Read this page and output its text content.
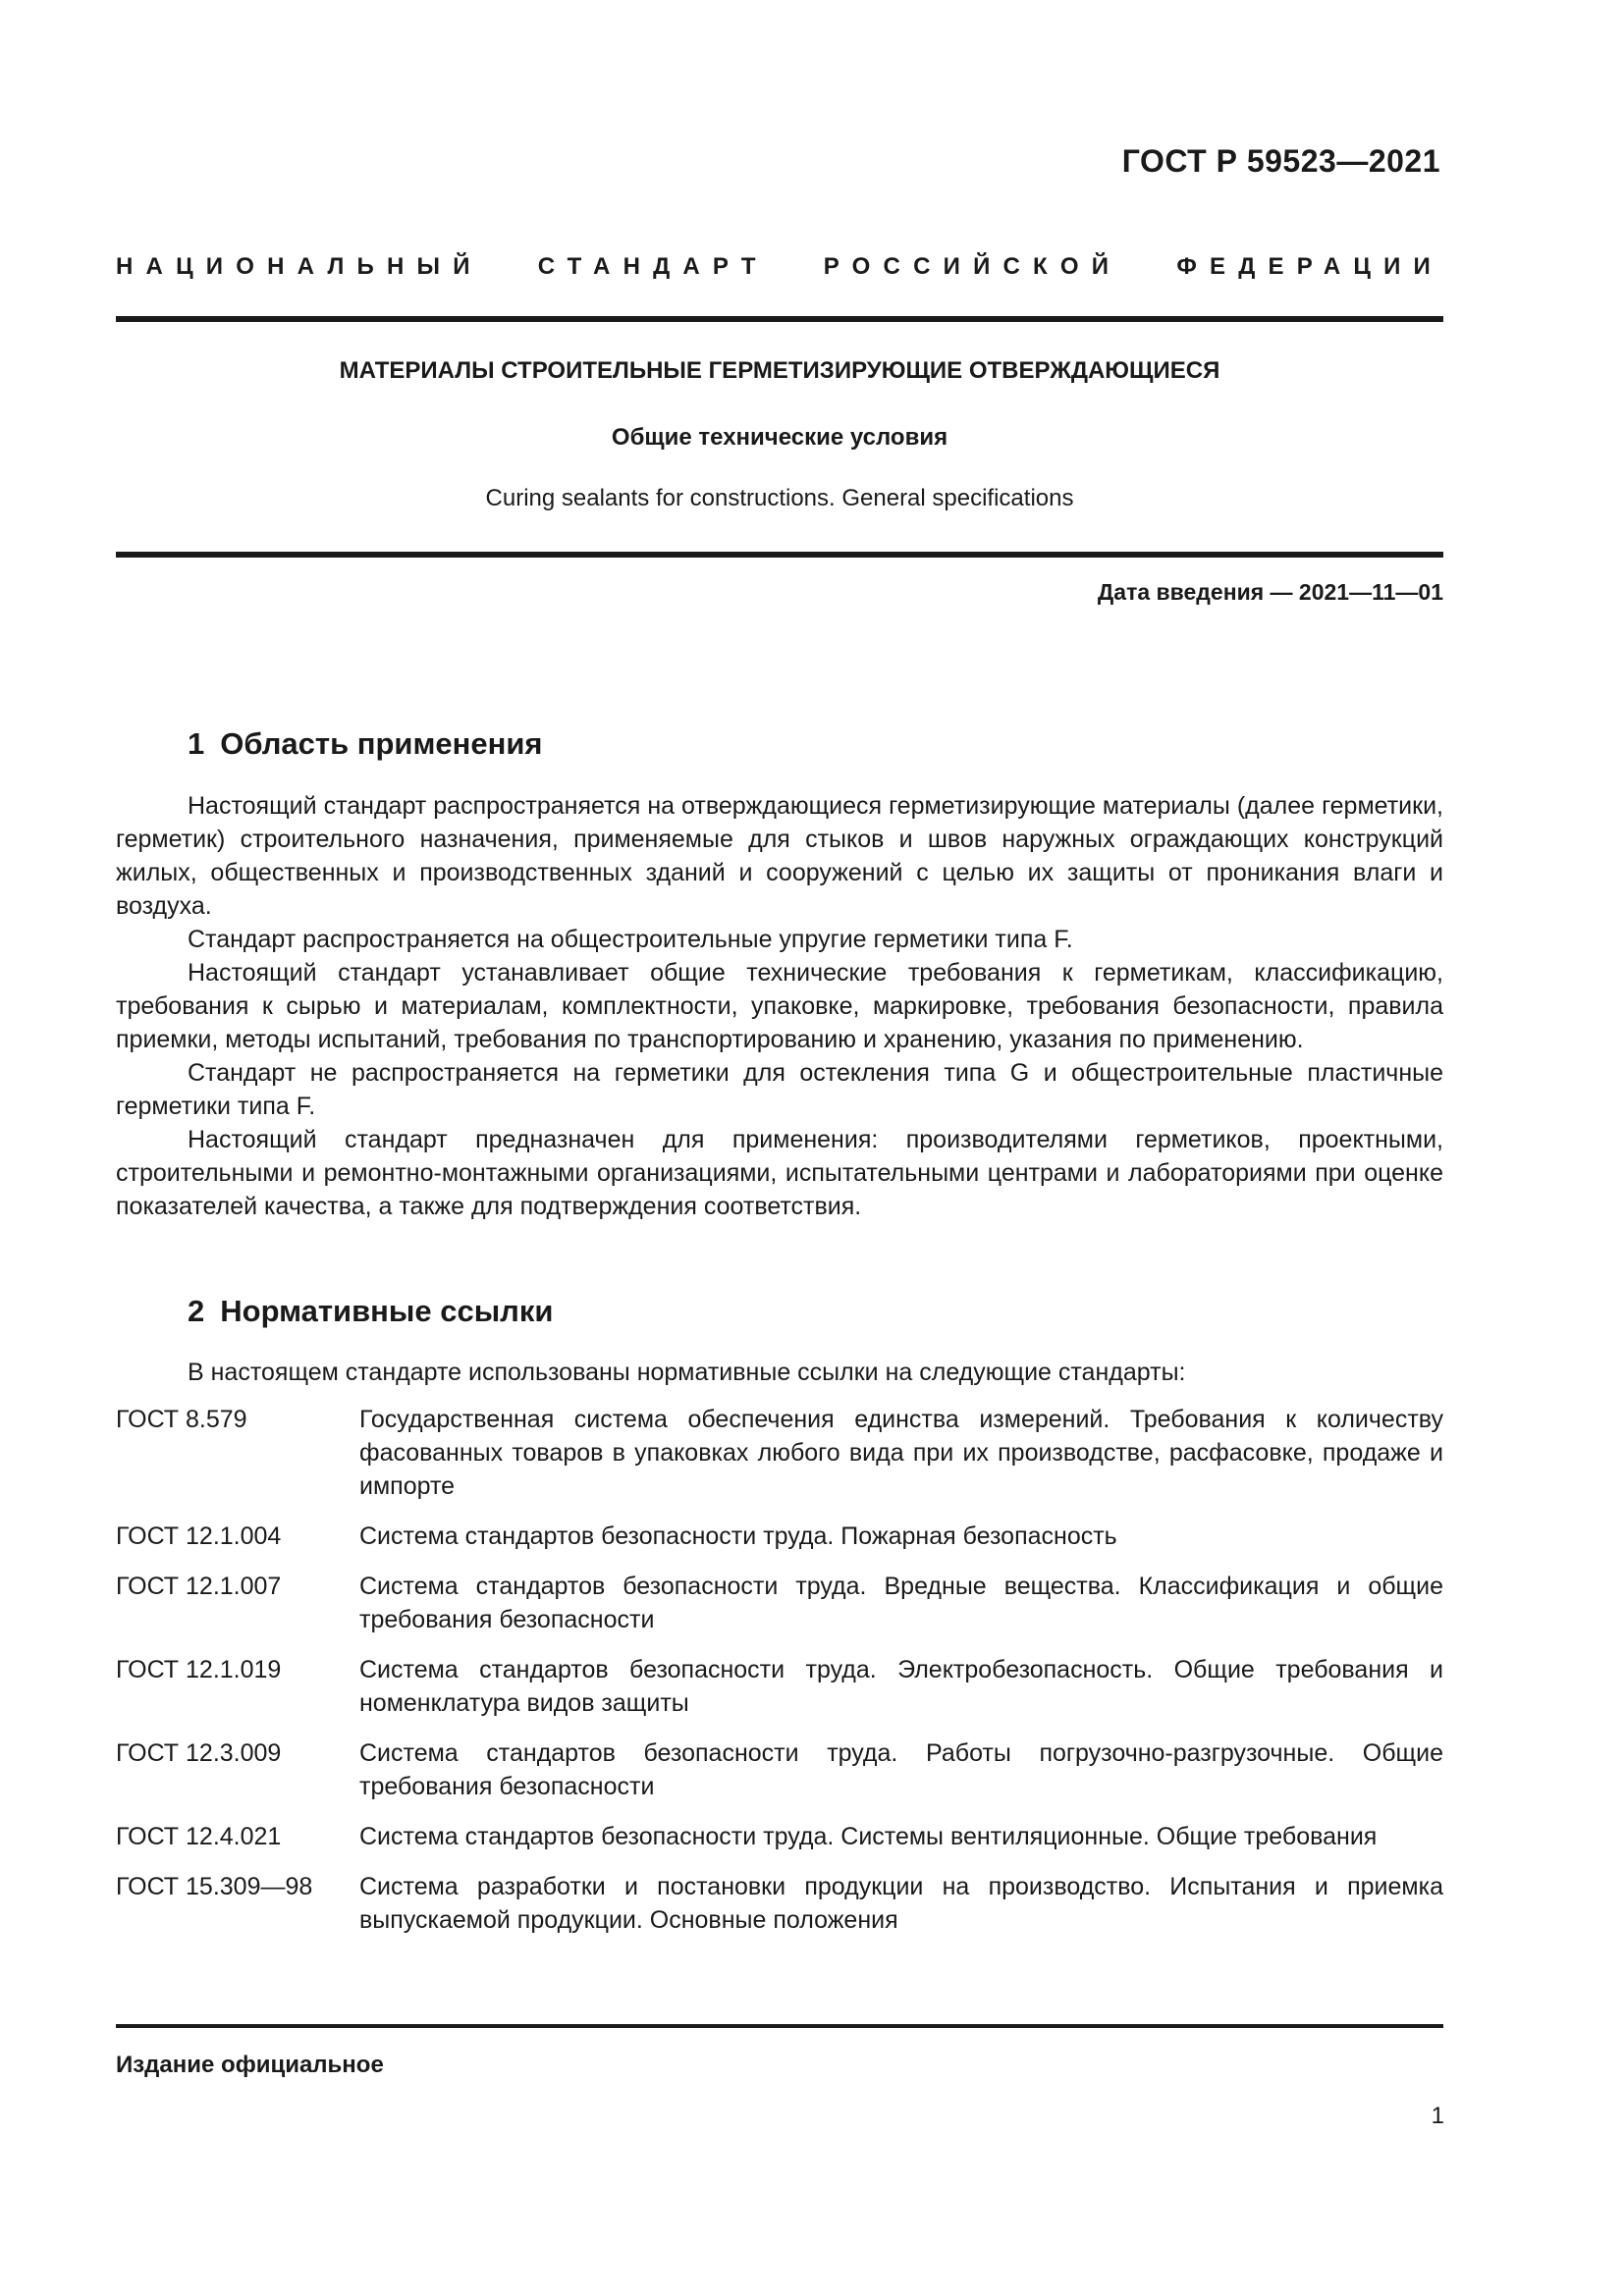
ГОСТ Р 59523—2021
НАЦИОНАЛЬНЫЙ СТАНДАРТ РОССИЙСКОЙ ФЕДЕРАЦИИ
МАТЕРИАЛЫ СТРОИТЕЛЬНЫЕ ГЕРМЕТИЗИРУЮЩИЕ ОТВЕРЖДАЮЩИЕСЯ
Общие технические условия
Curing sealants for constructions. General specifications
Дата введения — 2021—11—01
1 Область применения

Настоящий стандарт распространяется на отверждающиеся герметизирующие материалы (далее герметики, герметик) строительного назначения, применяемые для стыков и швов наружных ограждающих конструкций жилых, общественных и производственных зданий и сооружений с целью их защиты от проникания влаги и воздуха.

Стандарт распространяется на общестроительные упругие герметики типа F.

Настоящий стандарт устанавливает общие технические требования к герметикам, классификацию, требования к сырью и материалам, комплектности, упаковке, маркировке, требования безопасности, правила приемки, методы испытаний, требования по транспортированию и хранению, указания по применению.

Стандарт не распространяется на герметики для остекления типа G и общестроительные пластичные герметики типа F.

Настоящий стандарт предназначен для применения: производителями герметиков, проектными, строительными и ремонтно-монтажными организациями, испытательными центрами и лабораториями при оценке показателей качества, а также для подтверждения соответствия.

2 Нормативные ссылки
В настоящем стандарте использованы нормативные ссылки на следующие стандарты:
ГОСТ 8.579	Государственная система обеспечения единства измерений. Требования к количеству фасованных товаров в упаковках любого вида при их производстве, расфасовке, продаже и импорте
ГОСТ 12.1.004	Система стандартов безопасности труда. Пожарная безопасность
ГОСТ 12.1.007	Система стандартов безопасности труда. Вредные вещества. Классификация и общие требования безопасности
ГОСТ 12.1.019	Система стандартов безопасности труда. Электробезопасность. Общие требования и номенклатура видов защиты
ГОСТ 12.3.009	Система стандартов безопасности труда. Работы погрузочно-разгрузочные. Общие требования безопасности
ГОСТ 12.4.021	Система стандартов безопасности труда. Системы вентиляционные. Общие требования
ГОСТ 15.309—98	Система разработки и постановки продукции на производство. Испытания и приемка выпускаемой продукции. Основные положения
Издание официальное
1
